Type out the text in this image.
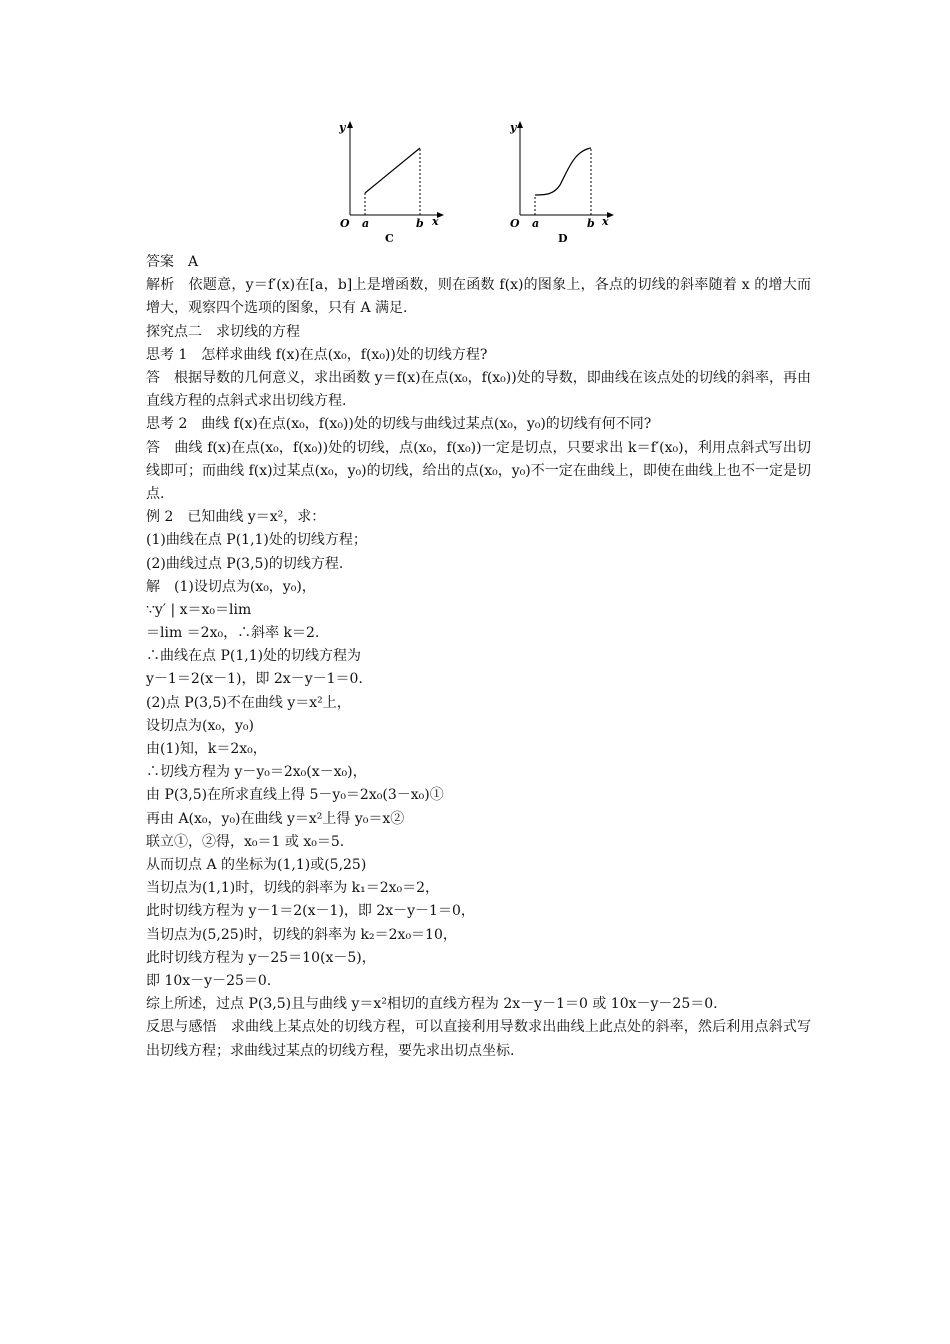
y
O a	b x
C
y
O a	b x
D
答案　A
解析　依题意，y＝f′(x)在[a，b]上是增函数，则在函数 f(x)的图象上，各点的切线的斜率随着 x 的增大而增大，观察四个选项的图象，只有 A 满足.
探究点二　求切线的方程
思考 1　怎样求曲线 f(x)在点(x₀，f(x₀))处的切线方程?
答　根据导数的几何意义，求出函数 y＝f(x)在点(x₀，f(x₀))处的导数，即曲线在该点处的切线的斜率，再由直线方程的点斜式求出切线方程.
思考 2　曲线 f(x)在点(x₀，f(x₀))处的切线与曲线过某点(x₀，y₀)的切线有何不同?
答　曲线 f(x)在点(x₀，f(x₀))处的切线，点(x₀，f(x₀))一定是切点，只要求出 k＝f′(x₀)，利用点斜式写出切线即可；而曲线 f(x)过某点(x₀，y₀)的切线，给出的点(x₀，y₀)不一定在曲线上，即使在曲线上也不一定是切点.
例 2　已知曲线 y＝x²，求：
(1)曲线在点 P(1,1)处的切线方程；
(2)曲线过点 P(3,5)的切线方程.
解　(1)设切点为(x₀，y₀)，
∵y′ | x＝x₀＝lim
＝lim ＝2x₀，∴斜率 k＝2.
∴曲线在点 P(1,1)处的切线方程为
y－1＝2(x－1)，即 2x－y－1＝0.
(2)点 P(3,5)不在曲线 y＝x²上，
设切点为(x₀，y₀)
由(1)知，k＝2x₀，
∴切线方程为 y－y₀＝2x₀(x－x₀)，
由 P(3,5)在所求直线上得 5－y₀＝2x₀(3－x₀)①
再由 A(x₀，y₀)在曲线 y＝x²上得 y₀＝x②
联立①，②得，x₀＝1 或 x₀＝5.
从而切点 A 的坐标为(1,1)或(5,25)
当切点为(1,1)时，切线的斜率为 k₁＝2x₀＝2，
此时切线方程为 y－1＝2(x－1)，即 2x－y－1＝0，
当切点为(5,25)时，切线的斜率为 k₂＝2x₀＝10，
此时切线方程为 y－25＝10(x－5)，
即 10x－y－25＝0.
综上所述，过点 P(3,5)且与曲线 y＝x²相切的直线方程为 2x－y－1＝0 或 10x－y－25＝0.
反思与感悟　求曲线上某点处的切线方程，可以直接利用导数求出曲线上此点处的斜率，然后利用点斜式写出切线方程；求曲线过某点的切线方程，要先求出切点坐标.
